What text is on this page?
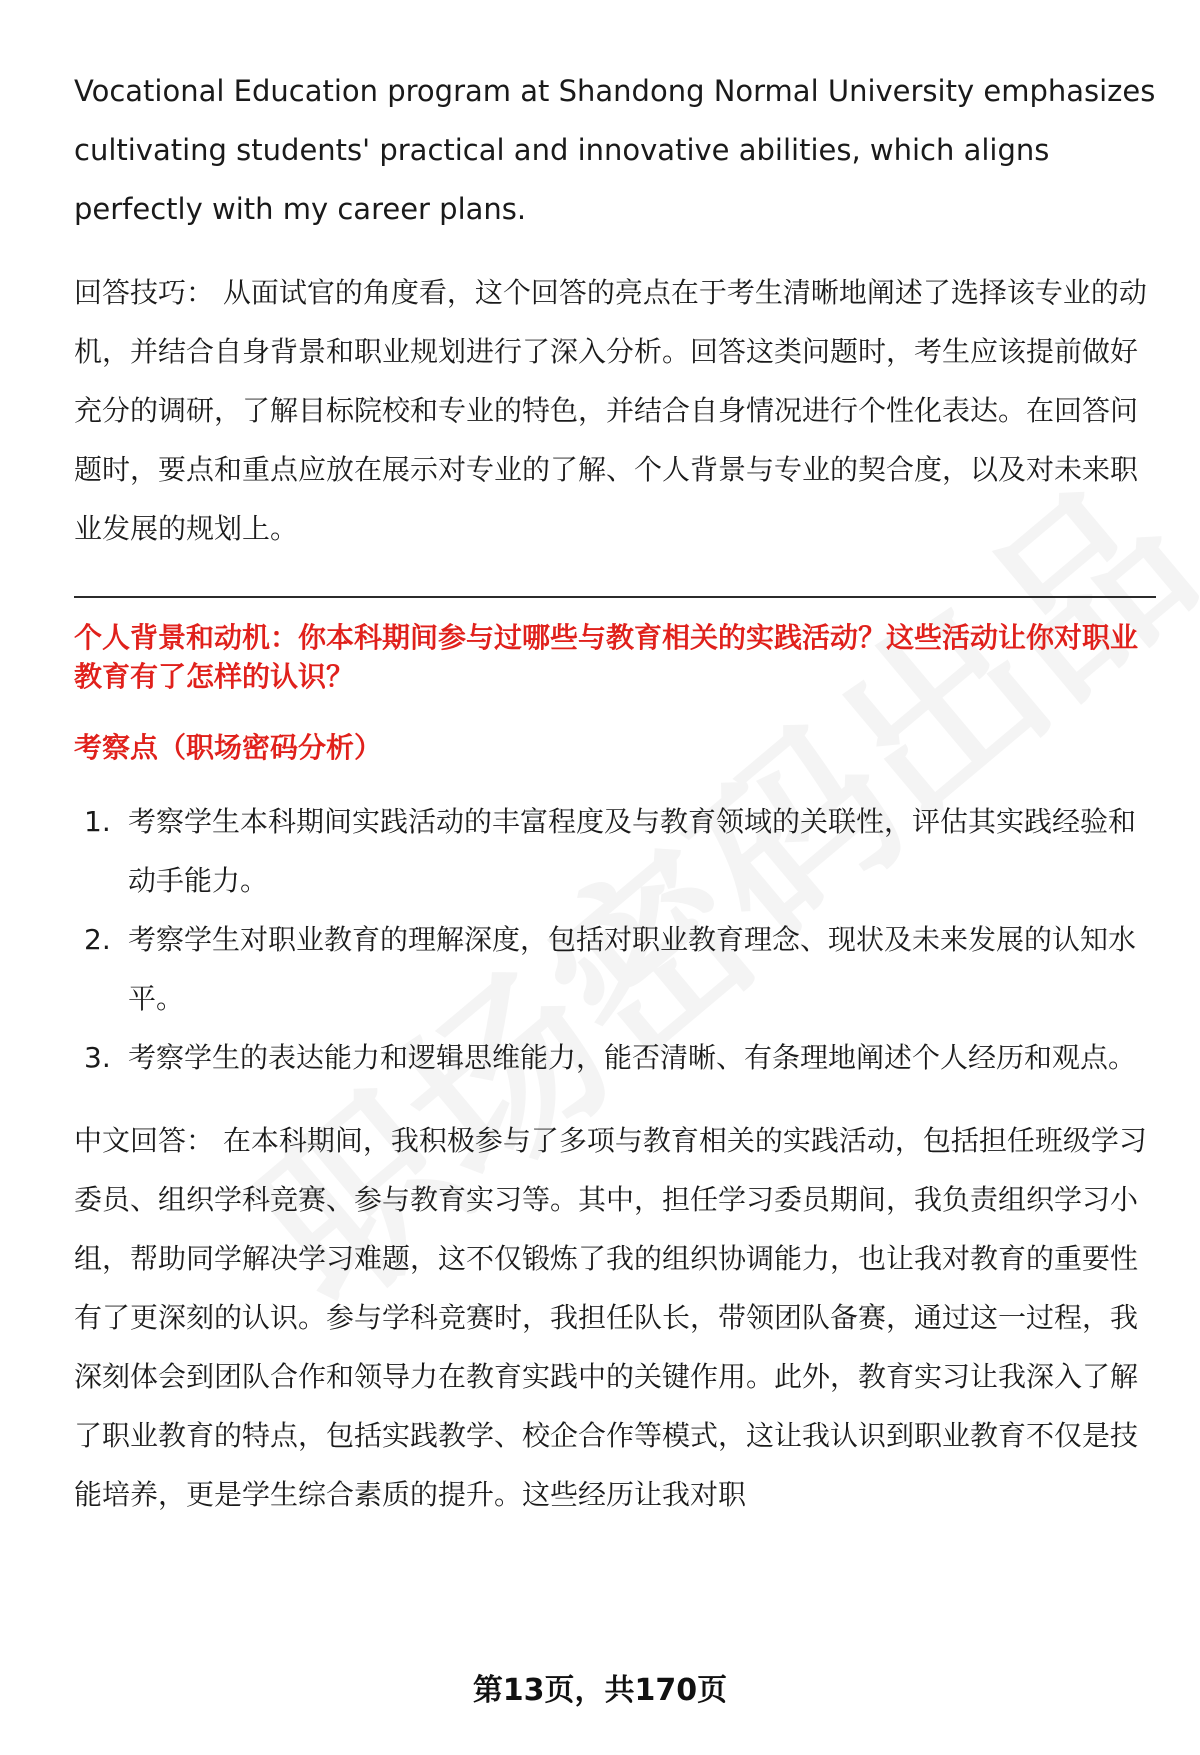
Vocational Education program at Shandong Normal University emphasizes cultivating students' practical and innovative abilities, which aligns perfectly with my career plans.

回答技巧： 从面试官的角度看，这个回答的亮点在于考生清晰地阐述了选择该专业的动机，并结合自身背景和职业规划进行了深入分析。回答这类问题时，考生应该提前做好充分的调研，了解目标院校和专业的特色，并结合自身情况进行个性化表达。在回答问题时，要点和重点应放在展示对专业的了解、个人背景与专业的契合度，以及对未来职业发展的规划上。

个人背景和动机：你本科期间参与过哪些与教育相关的实践活动？这些活动让你对职业教育有了怎样的认识？

考察点（职场密码分析）

1. 考察学生本科期间实践活动的丰富程度及与教育领域的关联性，评估其实践经验和动手能力。
2. 考察学生对职业教育的理解深度，包括对职业教育理念、现状及未来发展的认知水平。
3. 考察学生的表达能力和逻辑思维能力，能否清晰、有条理地阐述个人经历和观点。

中文回答： 在本科期间，我积极参与了多项与教育相关的实践活动，包括担任班级学习委员、组织学科竞赛、参与教育实习等。其中，担任学习委员期间，我负责组织学习小组，帮助同学解决学习难题，这不仅锻炼了我的组织协调能力，也让我对教育的重要性有了更深刻的认识。参与学科竞赛时，我担任队长，带领团队备赛，通过这一过程，我深刻体会到团队合作和领导力在教育实践中的关键作用。此外，教育实习让我深入了解了职业教育的特点，包括实践教学、校企合作等模式，这让我认识到职业教育不仅是技能培养，更是学生综合素质的提升。这些经历让我对职

第13页，共170页
